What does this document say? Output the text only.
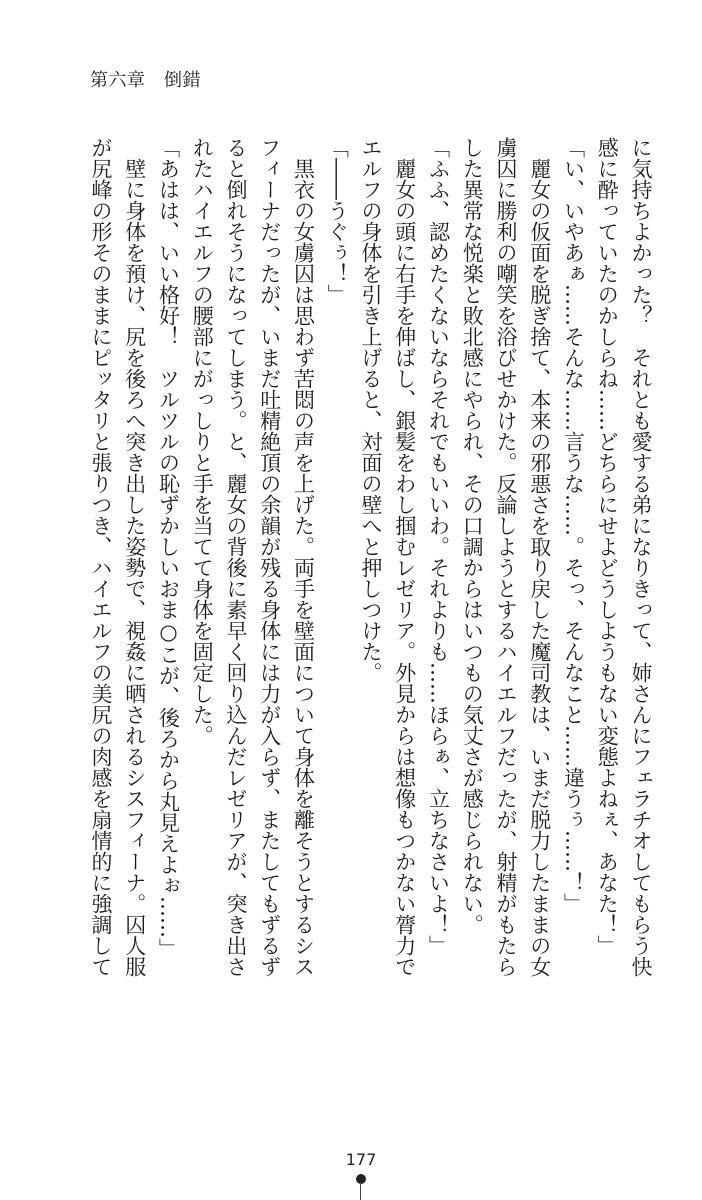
第六章　倒錯
に気持ちよかった？　それとも愛する弟になりきって、姉さんにフェラチオしてもらう快
感に酔っていたのかしらね……どちらにせよどうしようもない変態よねぇ、あなた！」
「い、いやあぁ……そんな……言うな……。そっ、そんなこと……違うぅ……！」
　麗女の仮面を脱ぎ捨て、本来の邪悪さを取り戻した魔司教は、いまだ脱力したままの女
虜囚に勝利の嘲笑を浴びせかけた。反論しようとするハイエルフだったが、射精がもたら
した異常な悦楽と敗北感にやられ、その口調からはいつもの気丈さが感じられない。
「ふふ、認めたくないならそれでもいいわ。それよりも……ほらぁ、立ちなさいよ！」
　麗女の頭に右手を伸ばし、銀髪をわし掴むレゼリア。外見からは想像もつかない膂力で
エルフの身体を引き上げると、対面の壁へと押しつけた。
「――うぐぅ！」
　黒衣の女虜囚は思わず苦悶の声を上げた。両手を壁面について身体を離そうとするシス
フィーナだったが、いまだ吐精絶頂の余韻が残る身体には力が入らず、またしてもずるず
ると倒れそうになってしまう。と、麗女の背後に素早く回り込んだレゼリアが、突き出さ
れたハイエルフの腰部にがっしりと手を当てて身体を固定した。
「あはは、いい格好！　ツルツルの恥ずかしいおま○こが、後ろから丸見えよぉ……」
　壁に身体を預け、尻を後ろへ突き出した姿勢で、視姦に晒されるシスフィーナ。囚人服
が尻峰の形そのままにピッタリと張りつき、ハイエルフの美尻の肉感を扇情的に強調して
177
